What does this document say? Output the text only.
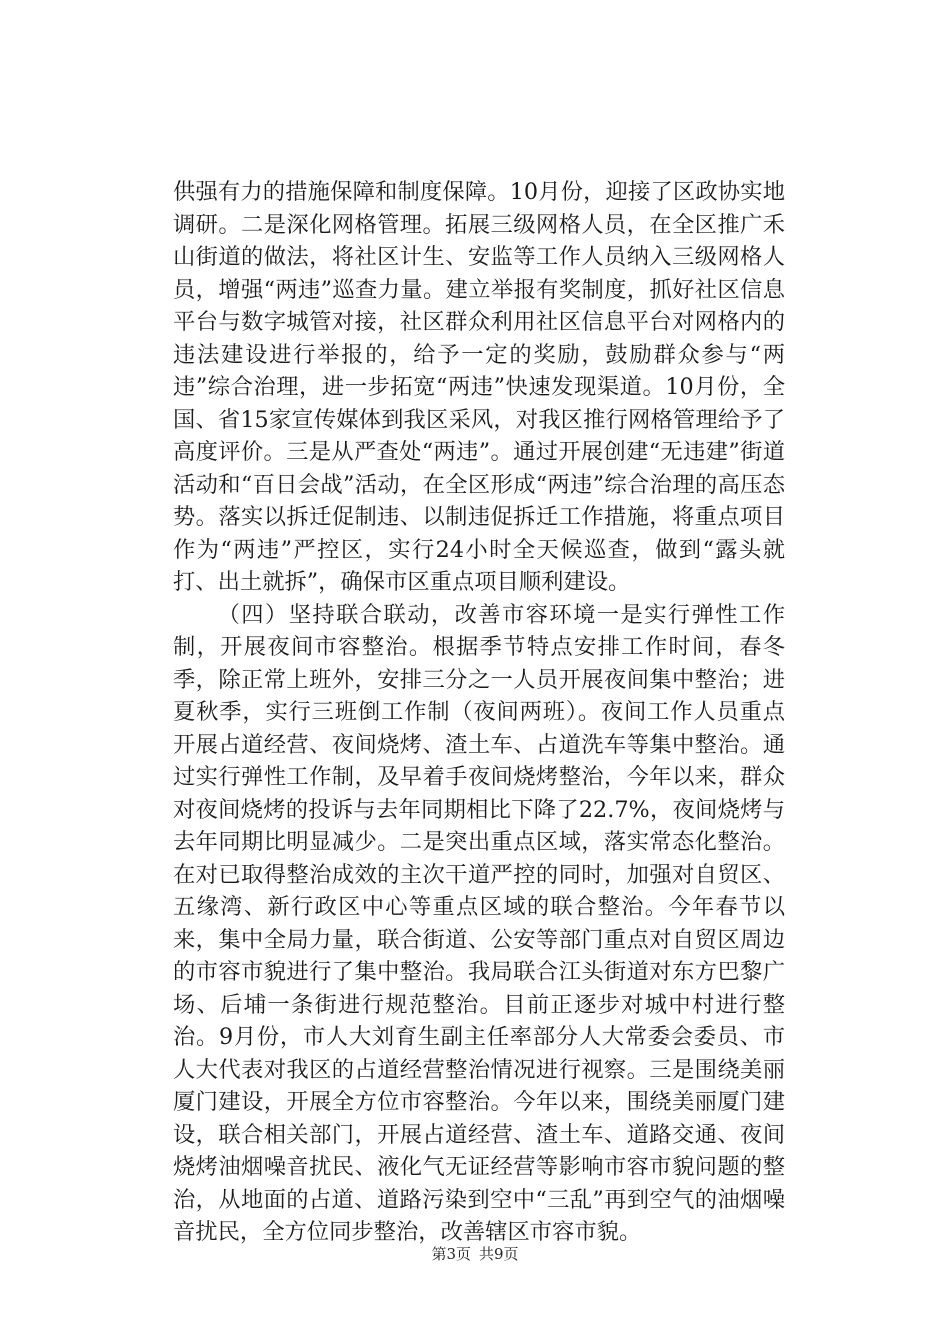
供强有力的措施保障和制度保障。10月份，迎接了区政协实地调研。二是深化网格管理。拓展三级网格人员，在全区推广禾山街道的做法，将社区计生、安监等工作人员纳入三级网格人员，增强“两违”巡查力量。建立举报有奖制度，抓好社区信息平台与数字城管对接，社区群众利用社区信息平台对网格内的违法建设进行举报的，给予一定的奖励，鼓励群众参与“两违”综合治理，进一步拓宽“两违”快速发现渠道。10月份，全国、省15家宣传媒体到我区采风，对我区推行网格管理给予了高度评价。三是从严查处“两违”。通过开展创建“无违建”街道活动和“百日会战”活动，在全区形成“两违”综合治理的高压态势。落实以拆迁促制违、以制违促拆迁工作措施，将重点项目作为“两违”严控区，实行24小时全天候巡查，做到“露头就打、出土就拆”，确保市区重点项目顺利建设。

（四）坚持联合联动，改善市容环境一是实行弹性工作制，开展夜间市容整治。根据季节特点安排工作时间，春冬季，除正常上班外，安排三分之一人员开展夜间集中整治；进夏秋季，实行三班倒工作制（夜间两班）。夜间工作人员重点开展占道经营、夜间烧烤、渣土车、占道洗车等集中整治。通过实行弹性工作制，及早着手夜间烧烤整治，今年以来，群众对夜间烧烤的投诉与去年同期相比下降了22.7%，夜间烧烤与去年同期比明显减少。二是突出重点区域，落实常态化整治。在对已取得整治成效的主次干道严控的同时，加强对自贸区、五缘湾、新行政区中心等重点区域的联合整治。今年春节以来，集中全局力量，联合街道、公安等部门重点对自贸区周边的市容市貌进行了集中整治。我局联合江头街道对东方巴黎广场、后埔一条街进行规范整治。目前正逐步对城中村进行整治。9月份，市人大刘育生副主任率部分人大常委会委员、市人大代表对我区的占道经营整治情况进行视察。三是围绕美丽厦门建设，开展全方位市容整治。今年以来，围绕美丽厦门建设，联合相关部门，开展占道经营、渣土车、道路交通、夜间烧烤油烟噪音扰民、液化气无证经营等影响市容市貌问题的整治，从地面的占道、道路污染到空中“三乱”再到空气的油烟噪音扰民，全方位同步整治，改善辖区市容市貌。

第3页 共9页
